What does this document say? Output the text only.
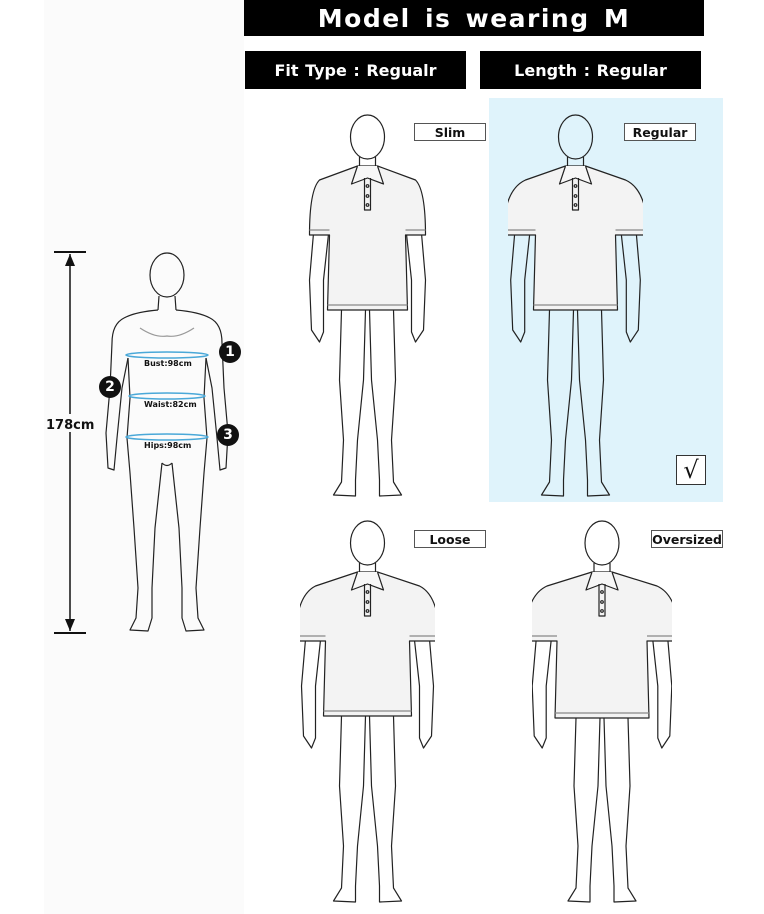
Model is wearing M
Fit Type : Regualr	Length : Regular
178cm
Bust:98cm
Waist:82cm
Hips:98cm
1
2
3
Slim	Regular
Loose	Oversized
√
